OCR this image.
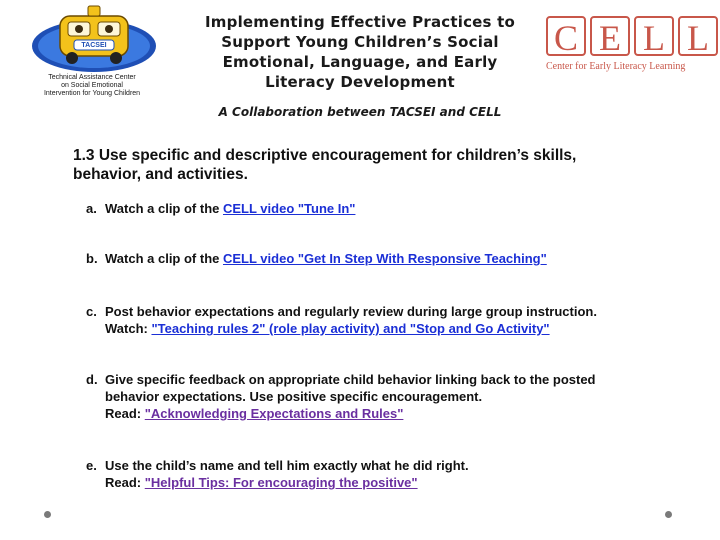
TACSEI
Technical Assistance Center
on Social Emotional
Intervention for Young Children
Implementing Effective Practices to
Support Young Children’s Social
Emotional, Language, and Early
Literacy Development
A Collaboration between TACSEI and CELL
C E L L
Center for Early Literacy Learning
1.3 Use specific and descriptive encouragement for children’s skills,
behavior, and activities.
a. Watch a clip of the CELL video "Tune In"
b. Watch a clip of the CELL video "Get In Step With Responsive Teaching"
c. Post behavior expectations and regularly review during large group instruction.
Watch: "Teaching rules 2" (role play activity) and "Stop and Go Activity"
d. Give specific feedback on appropriate child behavior linking back to the posted
behavior expectations. Use positive specific encouragement.
Read: "Acknowledging Expectations and Rules"
e. Use the child’s name and tell him exactly what he did right.
Read: "Helpful Tips: For encouraging the positive"
